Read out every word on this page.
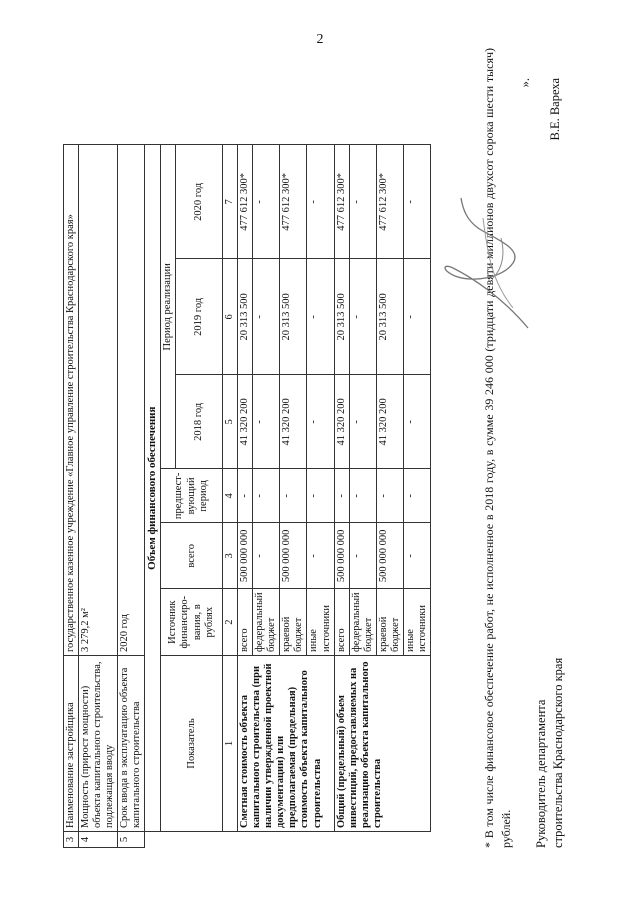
2
3	Наименование застройщика	государственное казенное учреждение «Главное управление строительства Краснодарского края»						
4	Мощность (прирост мощности) объекта капитального строительства, подлежащая вводу	3 279,2 м²						
5	Срок ввода в эксплуатацию объекта капитального строительства	2020 год						
	Объем финансового обеспечения							
	Показатель	Источник финансиро-вания, в рублях	всего	предшест-вующий период	Период реализации			
					2018 год	2019 год	2020 год	
	1	2	3	4	5	6	7	
	Сметная стоимость объекта капитального строительства (при наличии утвержденной проектной документации) или предполагаемая (предельная) стоимость объекта капитального строительства	всего	500 000 000	-	41 320 200	20 313 500	477 612 300*	
		федеральный бюджет	-	-	-	-	-	
		краевой бюджет	500 000 000	-	41 320 200	20 313 500	477 612 300*	
		иные источники	-	-	-	-	-	
	Общий (предельный) объем инвестиций, предоставляемых на реализацию объекта капитального строительства	всего	500 000 000	-	41 320 200	20 313 500	477 612 300*	
		федеральный бюджет	-	-	-	-	-	
		краевой бюджет	500 000 000	-	41 320 200	20 313 500	477 612 300*	
		иные источники	-	-	-	-	-		* В том числе финансовое обеспечение работ, не исполненное в 2018 году, в сумме 39 246 000 (тридцати девяти миллионов двухсот сорока шести тысяч) рублей.
».
Руководитель департамента строительства Краснодарского края
В.Е. Вареха
